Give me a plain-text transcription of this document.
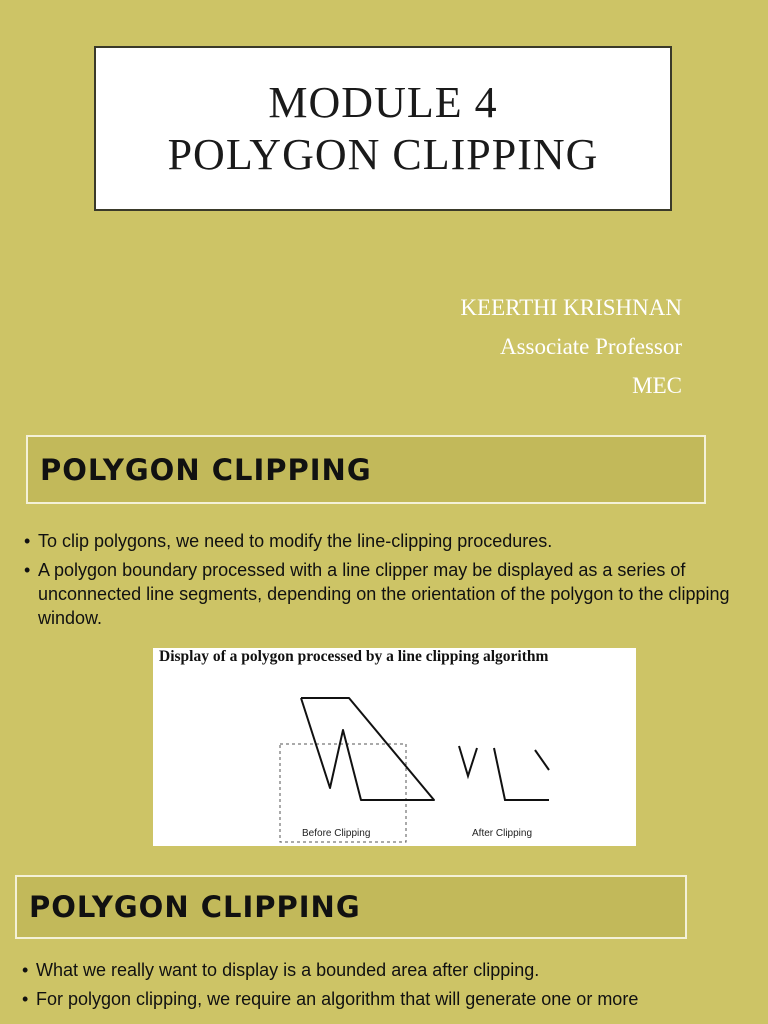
MODULE 4
POLYGON CLIPPING
KEERTHI KRISHNAN
Associate Professor
MEC
POLYGON CLIPPING
• To clip polygons, we need to modify the line-clipping procedures.
• A polygon boundary processed with a line clipper may be displayed as a series of unconnected line segments, depending on the orientation of the polygon to the clipping window.
Display of a polygon processed by a line clipping algorithm
Before Clipping	After Clipping
POLYGON CLIPPING
• What we really want to display is a bounded area after clipping.
• For polygon clipping, we require an algorithm that will generate one or more
